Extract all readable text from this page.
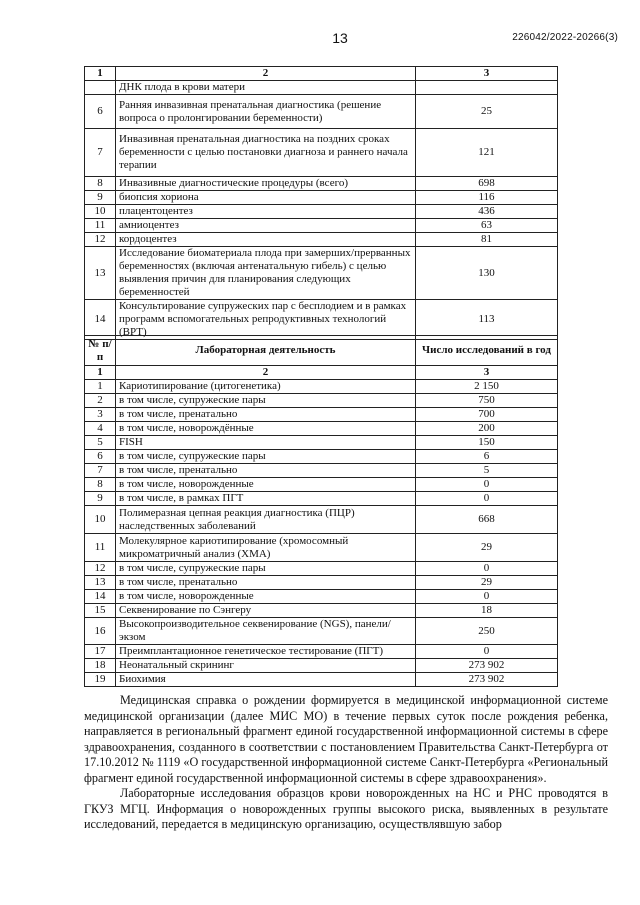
13	226042/2022-20266(3)
1	2	3
	ДНК плода в крови матери	
6	Ранняя инвазивная пренатальная диагностика (решение вопроса о пролонгировании беременности)	25
7	Инвазивная пренатальная диагностика на поздних сроках беременности с целью постановки диагноза и раннего начала терапии	121
8	Инвазивные диагностические процедуры (всего)	698
9	биопсия хориона	116
10	плацентоцентез	436
11	амниоцентез	63
12	кордоцентез	81
13	Исследование биоматериала плода при замерших/прерванных беременностях (включая антенатальную гибель) с целью выявления причин для планирования следующих беременностей	130
14	Консультирование супружеских пар с бесплодием и в рамках программ вспомогательных репродуктивных технологий (ВРТ)	113
№ п/п	Лабораторная деятельность	Число исследований в год
1	2	3
1	Кариотипирование (цитогенетика)	2 150
2	в том числе, супружеские пары	750
3	в том числе, пренатально	700
4	в том числе, новорождённые	200
5	FISH	150
6	в том числе, супружеские пары	6
7	в том числе, пренатально	5
8	в том числе, новорожденные	0
9	в том числе, в рамках ПГТ	0
10	Полимеразная цепная реакция диагностика (ПЦР) наследственных заболеваний	668
11	Молекулярное кариотипирование (хромосомный микроматричный анализ (ХМА)	29
12	в том числе, супружеские пары	0
13	в том числе, пренатально	29
14	в том числе, новорожденные	0
15	Секвенирование по Сэнгеру	18
16	Высокопроизводительное секвенирование (NGS), панели/экзом	250
17	Преимплантационное генетическое тестирование (ПГТ)	0
18	Неонатальный скрининг	273 902
19	Биохимия	273 902

Медицинская справка о рождении формируется в медицинской информационной системе медицинской организации (далее МИС МО) в течение первых суток после рождения ребенка, направляется в региональный фрагмент единой государственной информационной системы в сфере здравоохранения, созданного в соответствии с постановлением Правительства Санкт-Петербурга от 17.10.2012 № 1119 «О государственной информационной системе Санкт-Петербурга «Региональный фрагмент единой государственной информационной системы в сфере здравоохранения».

Лабораторные исследования образцов крови новорожденных на НС и РНС проводятся в ГКУЗ МГЦ. Информация о новорожденных группы высокого риска, выявленных в результате исследований, передается в медицинскую организацию, осуществлявшую забор
